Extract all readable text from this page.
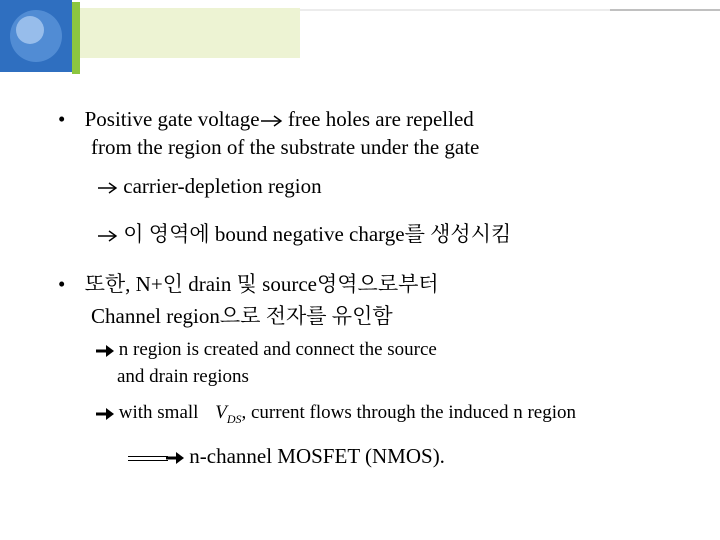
• Positive gate voltage free holes are repelled
from the region of the substrate under the gate
carrier-depletion region
이 영역에 bound negative charge를 생성시킴
• 또한, N+인 drain 및 source영역으로부터
Channel region으로 전자를 유인함
n region is created and connect the source
and drain regions
with small $V_{DS}$, current flows through the induced n region
n-channel MOSFET (NMOS).
